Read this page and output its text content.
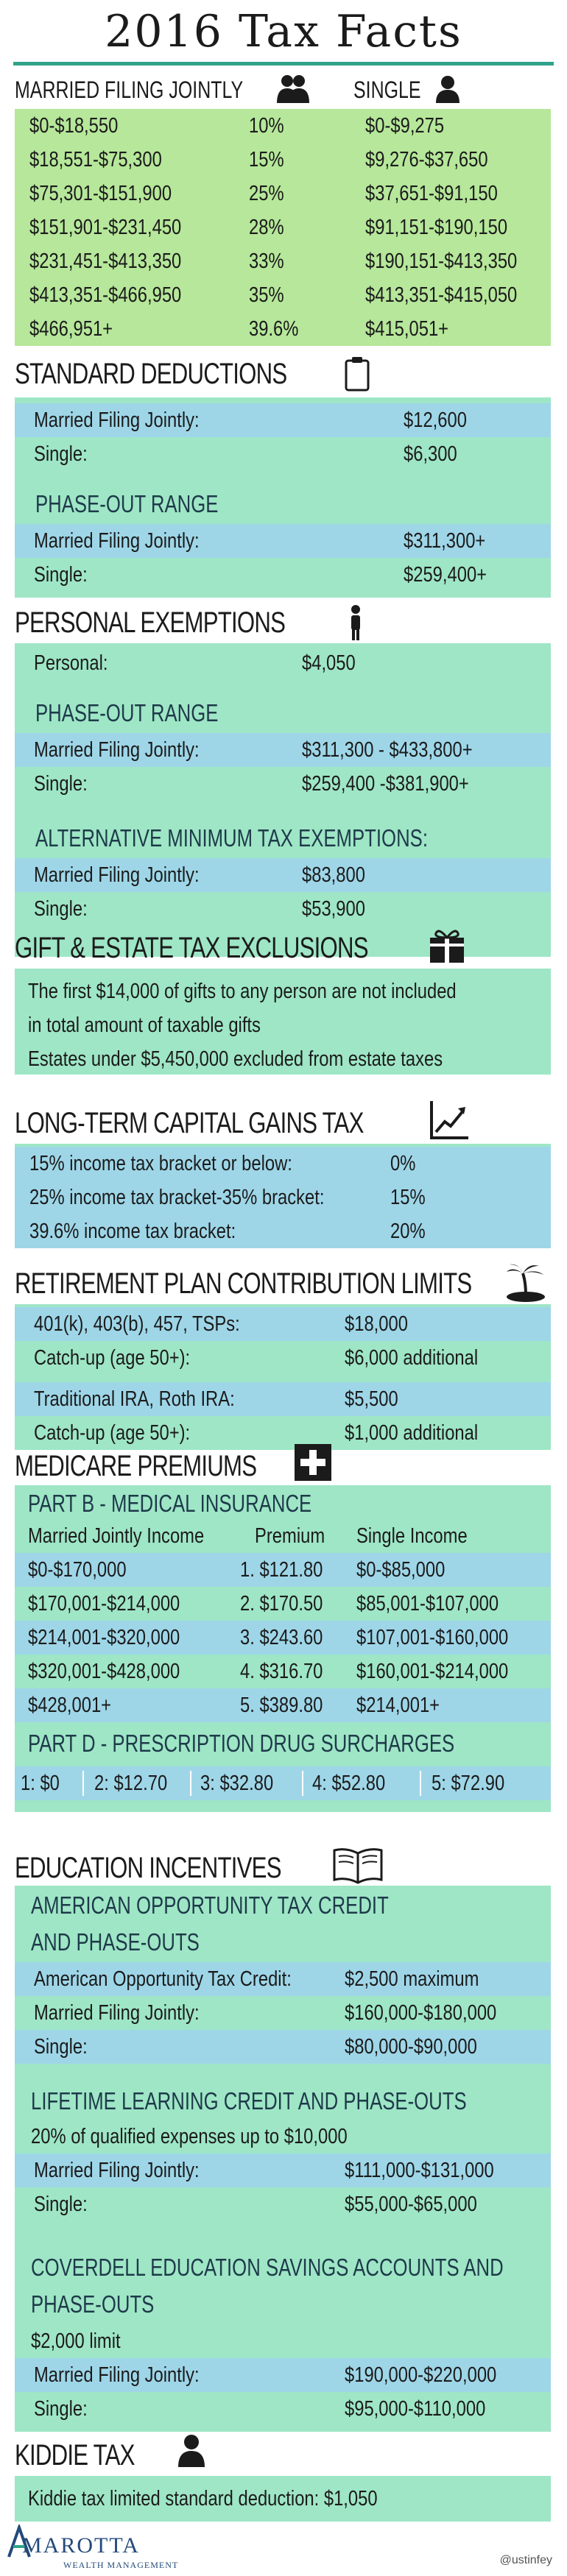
2016 Tax Facts
MARRIED FILING JOINTLY	SINGLE
$0-$18,550	10%	$0-$9,275
$18,551-$75,300	15%	$9,276-$37,650
$75,301-$151,900	25%	$37,651-$91,150
$151,901-$231,450	28%	$91,151-$190,150
$231,451-$413,350	33%	$190,151-$413,350
$413,351-$466,950	35%	$413,351-$415,050
$466,951+	39.6%	$415,051+
STANDARD DEDUCTIONS
Married Filing Jointly:	$12,600
Single:	$6,300
PHASE-OUT RANGE
Married Filing Jointly:	$311,300+
Single:	$259,400+
PERSONAL EXEMPTIONS
Personal:	$4,050
PHASE-OUT RANGE
Married Filing Jointly:	$311,300 - $433,800+
Single:	$259,400 -$381,900+
ALTERNATIVE MINIMUM TAX EXEMPTIONS:
Married Filing Jointly:	$83,800
Single:	$53,900
GIFT & ESTATE TAX EXCLUSIONS
The first $14,000 of gifts to any person are not included
in total amount of taxable gifts
Estates under $5,450,000 excluded from estate taxes
LONG-TERM CAPITAL GAINS TAX
15% income tax bracket or below:	0%
25% income tax bracket-35% bracket:	15%
39.6% income tax bracket:	20%
RETIREMENT PLAN CONTRIBUTION LIMITS
401(k), 403(b), 457, TSPs:	$18,000
Catch-up (age 50+):	$6,000 additional
Traditional IRA, Roth IRA:	$5,500
Catch-up (age 50+):	$1,000 additional
MEDICARE PREMIUMS
PART B - MEDICAL INSURANCE
Married Jointly Income Premium Single Income
$0-$170,000	1. $121.80 $0-$85,000
$170,001-$214,000	2. $170.50 $85,001-$107,000
$214,001-$320,000	3. $243.60 $107,001-$160,000
$320,001-$428,000	4. $316.70 $160,001-$214,000
$428,001+	5. $389.80 $214,001+
PART D - PRESCRIPTION DRUG SURCHARGES
1: $0 2: $12.70 3: $32.80 4: $52.80 5: $72.90
EDUCATION INCENTIVES
AMERICAN OPPORTUNITY TAX CREDIT
AND PHASE-OUTS
American Opportunity Tax Credit: $2,500 maximum
Married Filing Jointly:	$160,000-$180,000
Single:	$80,000-$90,000
LIFETIME LEARNING CREDIT AND PHASE-OUTS
20% of qualified expenses up to $10,000
Married Filing Jointly:	$111,000-$131,000
Single:	$55,000-$65,000
COVERDELL EDUCATION SAVINGS ACCOUNTS AND
PHASE-OUTS
$2,000 limit
Married Filing Jointly:	$190,000-$220,000
Single:	$95,000-$110,000
KIDDIE TAX
Kiddie tax limited standard deduction: $1,050
MAROTTA
WEALTH MANAGEMENT	@ustinfey
